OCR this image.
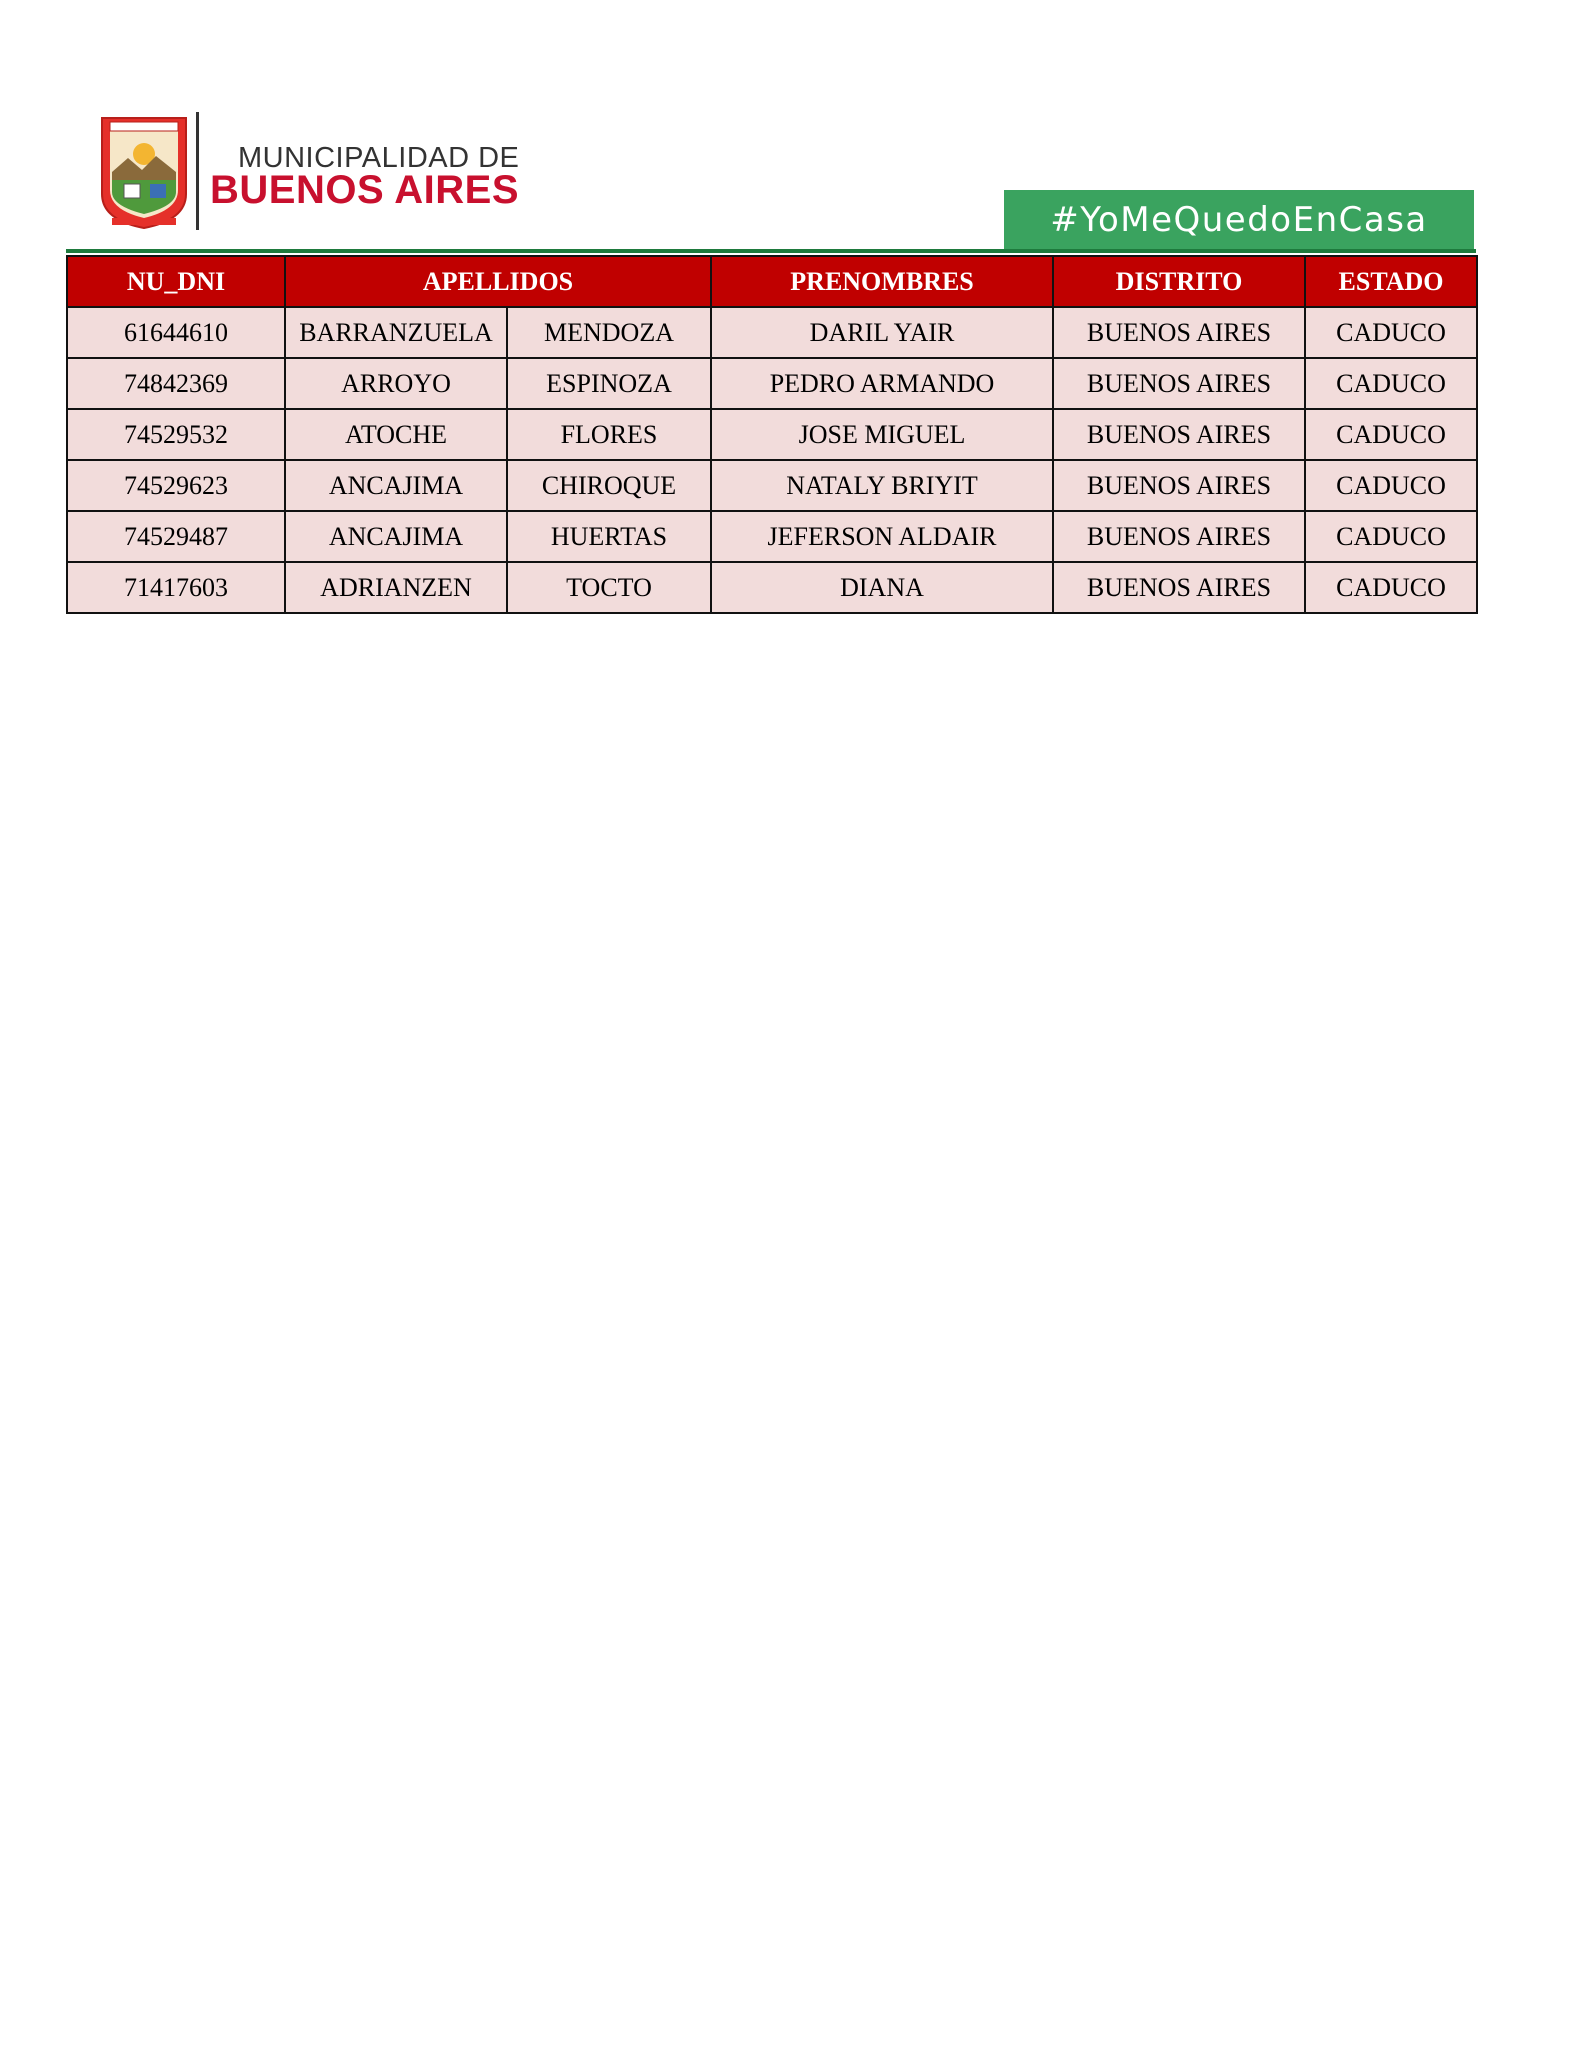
MUNICIPALIDAD DE
BUENOS AIRES
#YoMeQuedoEnCasa
NU_DNI	APELLIDOS		PRENOMBRES	DISTRITO	ESTADO
61644610	BARRANZUELA	MENDOZA	DARIL YAIR	BUENOS AIRES	CADUCO
74842369	ARROYO	ESPINOZA	PEDRO ARMANDO	BUENOS AIRES	CADUCO
74529532	ATOCHE	FLORES	JOSE MIGUEL	BUENOS AIRES	CADUCO
74529623	ANCAJIMA	CHIROQUE	NATALY BRIYIT	BUENOS AIRES	CADUCO
74529487	ANCAJIMA	HUERTAS	JEFERSON ALDAIR	BUENOS AIRES	CADUCO
71417603	ADRIANZEN	TOCTO	DIANA	BUENOS AIRES	CADUCO
